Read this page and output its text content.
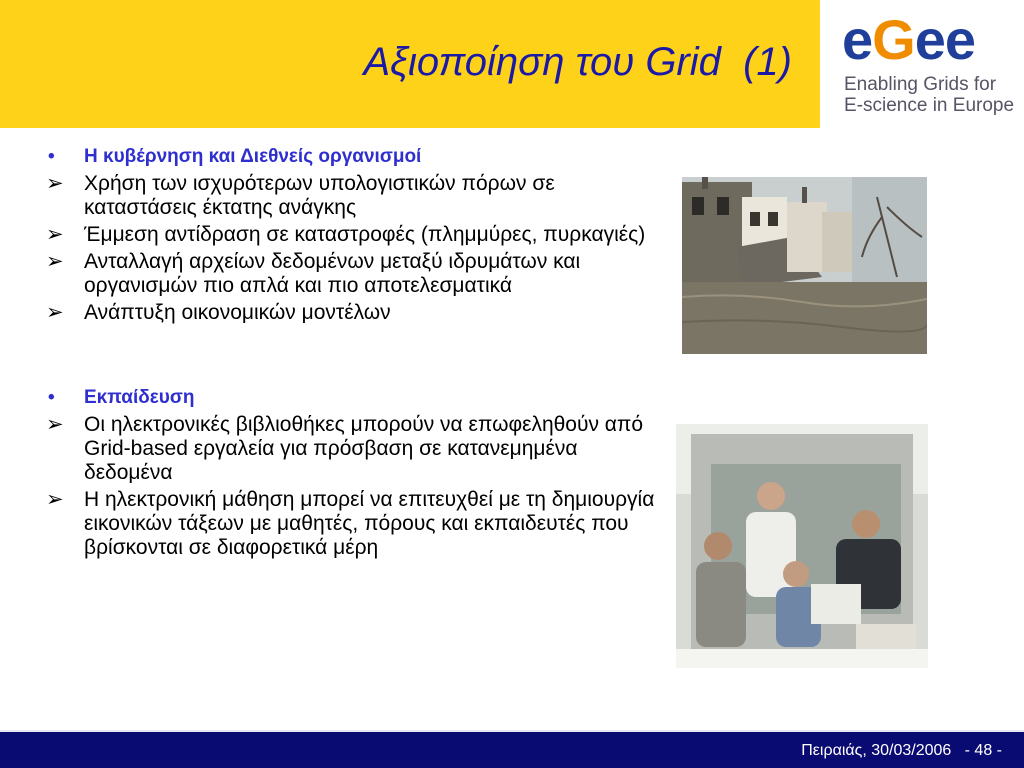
Αξιοποίηση του Grid  (1) eGee
Enabling Grids for
E-science in Europe
•	Η κυβέρνηση και Διεθνείς οργανισμοί
➢ Χρήση των ισχυρότερων υπολογιστικών πόρων σε καταστάσεις έκτατης ανάγκης
➢ Έμμεση αντίδραση σε καταστροφές (πλημμύρες, πυρκαγιές)
➢ Ανταλλαγή αρχείων δεδομένων μεταξύ ιδρυμάτων και οργανισμών πιο απλά και πιο αποτελεσματικά
➢ Ανάπτυξη οικονομικών μοντέλων
•	Εκπαίδευση
➢ Οι ηλεκτρονικές βιβλιοθήκες μπορούν να επωφεληθούν από Grid-based εργαλεία για πρόσβαση σε κατανεμημένα δεδομένα
➢ Η ηλεκτρονική μάθηση μπορεί να επιτευχθεί με τη δημιουργία εικονικών τάξεων με μαθητές, πόρους και εκπαιδευτές που βρίσκονται σε διαφορετικά μέρη
Πειραιάς, 30/03/2006   - 48 -
